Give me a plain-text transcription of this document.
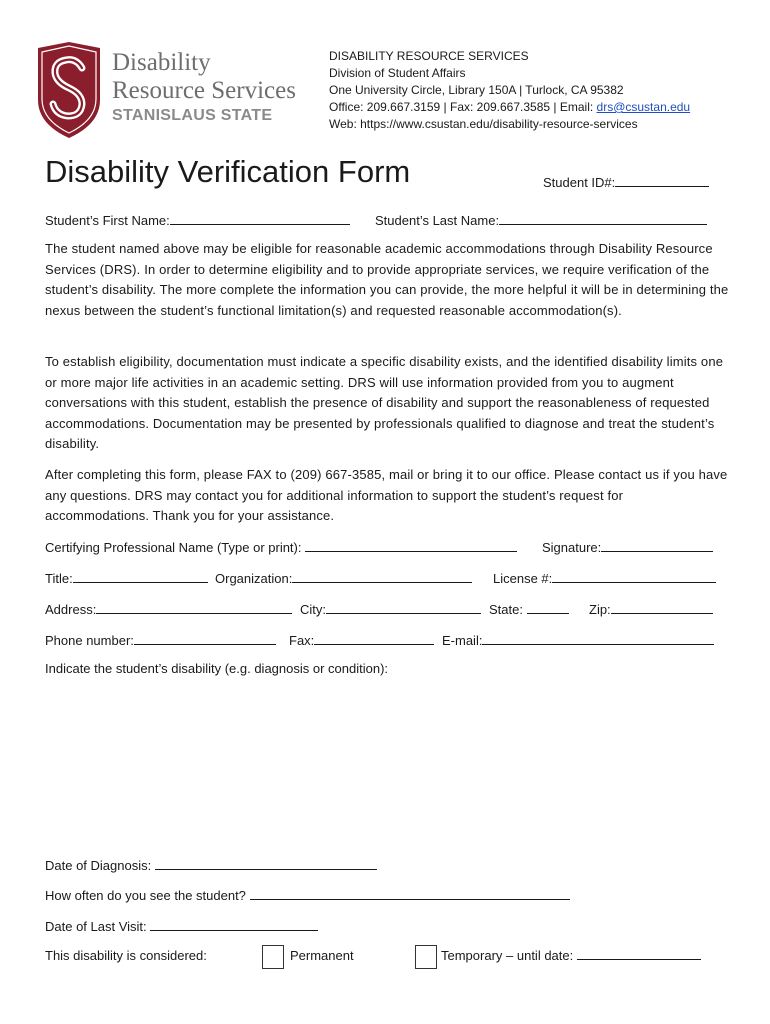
Disability
Resource Services
STANISLAUS STATE
DISABILITY RESOURCE SERVICES
Division of Student Affairs
One University Circle, Library 150A | Turlock, CA 95382
Office: 209.667.3159 | Fax: 209.667.3585 | Email: drs@csustan.edu
Web: https://www.csustan.edu/disability-resource-services
Disability Verification Form	Student ID#:
Student’s First Name:	Student’s Last Name:
The student named above may be eligible for reasonable academic accommodations through Disability Resource Services (DRS). In order to determine eligibility and to provide appropriate services, we require verification of the student’s disability. The more complete the information you can provide, the more helpful it will be in determining the nexus between the student’s functional limitation(s) and requested reasonable accommodation(s).
To establish eligibility, documentation must indicate a specific disability exists, and the identified disability limits one or more major life activities in an academic setting. DRS will use information provided from you to augment conversations with this student, establish the presence of disability and support the reasonableness of requested accommodations. Documentation may be presented by professionals qualified to diagnose and treat the student’s disability.
After completing this form, please FAX to (209) 667-3585, mail or bring it to our office. Please contact us if you have any questions. DRS may contact you for additional information to support the student’s request for accommodations. Thank you for your assistance.
Certifying Professional Name (Type or print):	Signature:
Title:	Organization:	License #:
Address:	City:	State:	Zip:
Phone number:	Fax:	E-mail:
Indicate the student’s disability (e.g. diagnosis or condition):
Date of Diagnosis:
How often do you see the student?
Date of Last Visit:
This disability is considered:	Permanent	Temporary – until date:
